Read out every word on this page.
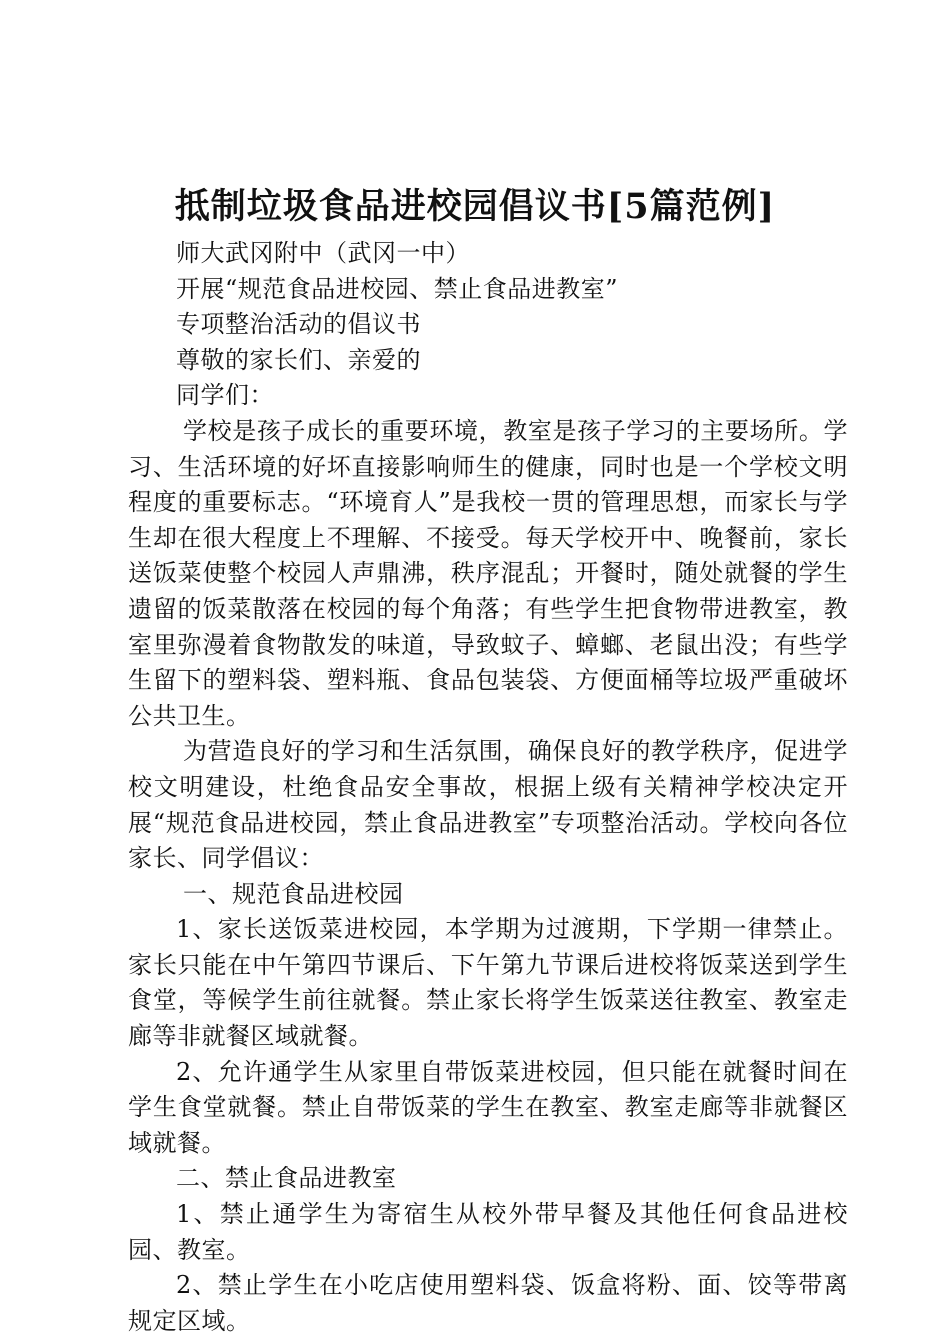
抵制垃圾食品进校园倡议书[5篇范例]

师大武冈附中（武冈一中）

开展“规范食品进校园、禁止食品进教室”

专项整治活动的倡议书

尊敬的家长们、亲爱的

同学们：

学校是孩子成长的重要环境，教室是孩子学习的主要场所。学习、生活环境的好坏直接影响师生的健康，同时也是一个学校文明程度的重要标志。“环境育人”是我校一贯的管理思想，而家长与学生却在很大程度上不理解、不接受。每天学校开中、晚餐前，家长送饭菜使整个校园人声鼎沸，秩序混乱；开餐时，随处就餐的学生遗留的饭菜散落在校园的每个角落；有些学生把食物带进教室，教室里弥漫着食物散发的味道，导致蚊子、蟑螂、老鼠出没；有些学生留下的塑料袋、塑料瓶、食品包装袋、方便面桶等垃圾严重破坏公共卫生。

为营造良好的学习和生活氛围，确保良好的教学秩序，促进学校文明建设，杜绝食品安全事故，根据上级有关精神学校决定开展“规范食品进校园，禁止食品进教室”专项整治活动。学校向各位家长、同学倡议：

一、规范食品进校园

1、家长送饭菜进校园，本学期为过渡期，下学期一律禁止。家长只能在中午第四节课后、下午第九节课后进校将饭菜送到学生食堂，等候学生前往就餐。禁止家长将学生饭菜送往教室、教室走廊等非就餐区域就餐。

2、允许通学生从家里自带饭菜进校园，但只能在就餐时间在学生食堂就餐。禁止自带饭菜的学生在教室、教室走廊等非就餐区域就餐。

二、禁止食品进教室

1、禁止通学生为寄宿生从校外带早餐及其他任何食品进校园、教室。

2、禁止学生在小吃店使用塑料袋、饭盒将粉、面、饺等带离规定区域。
